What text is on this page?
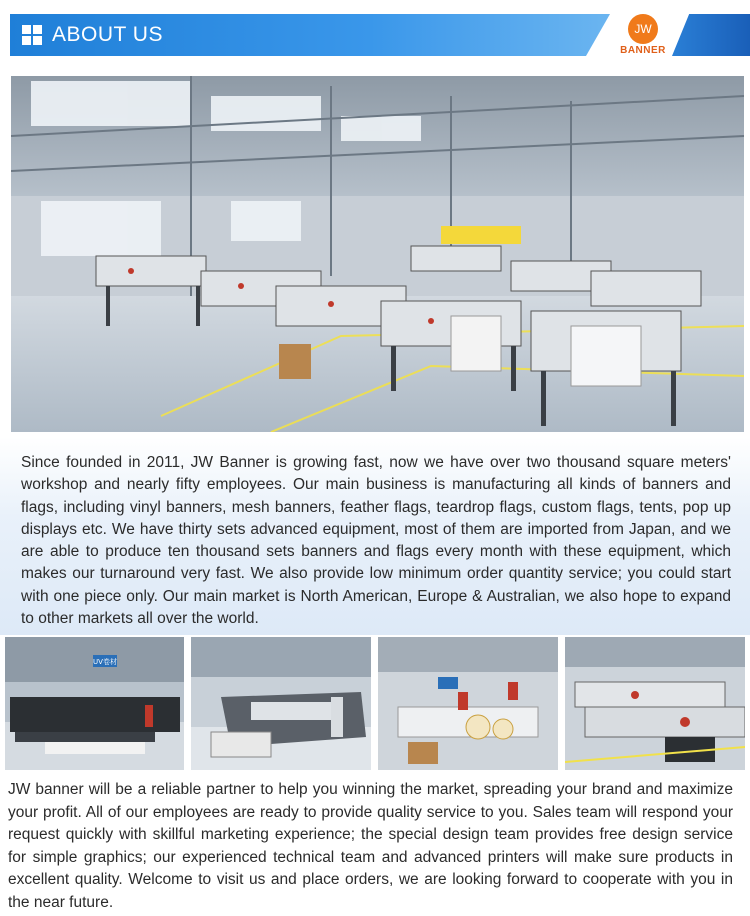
ABOUT US	JW
BANNER

Since founded in 2011, JW Banner is growing fast, now we have over two thousand square meters' workshop and nearly fifty employees. Our main business is manufacturing all kinds of banners and flags, including vinyl banners, mesh banners, feather flags, teardrop flags, custom flags, tents, pop up displays etc. We have thirty sets advanced equipment, most of them are imported from Japan, and we are able to produce ten thousand sets banners and flags every month with these equipment, which makes our turnaround very fast. We also provide low minimum order quantity service; you could start with one piece only. Our main market is North American, Europe & Australian, we also hope to expand to other markets all over the world.

UV卷材

JW banner will be a reliable partner to help you winning the market, spreading your brand and maximize your profit. All of our employees are ready to provide quality service to you. Sales team will respond your request quickly with skillful marketing experience; the special design team provides free design service for simple graphics; our experienced technical team and advanced printers will make sure products in excellent quality. Welcome to visit us and place orders, we are looking forward to cooperate with you in the near future.
